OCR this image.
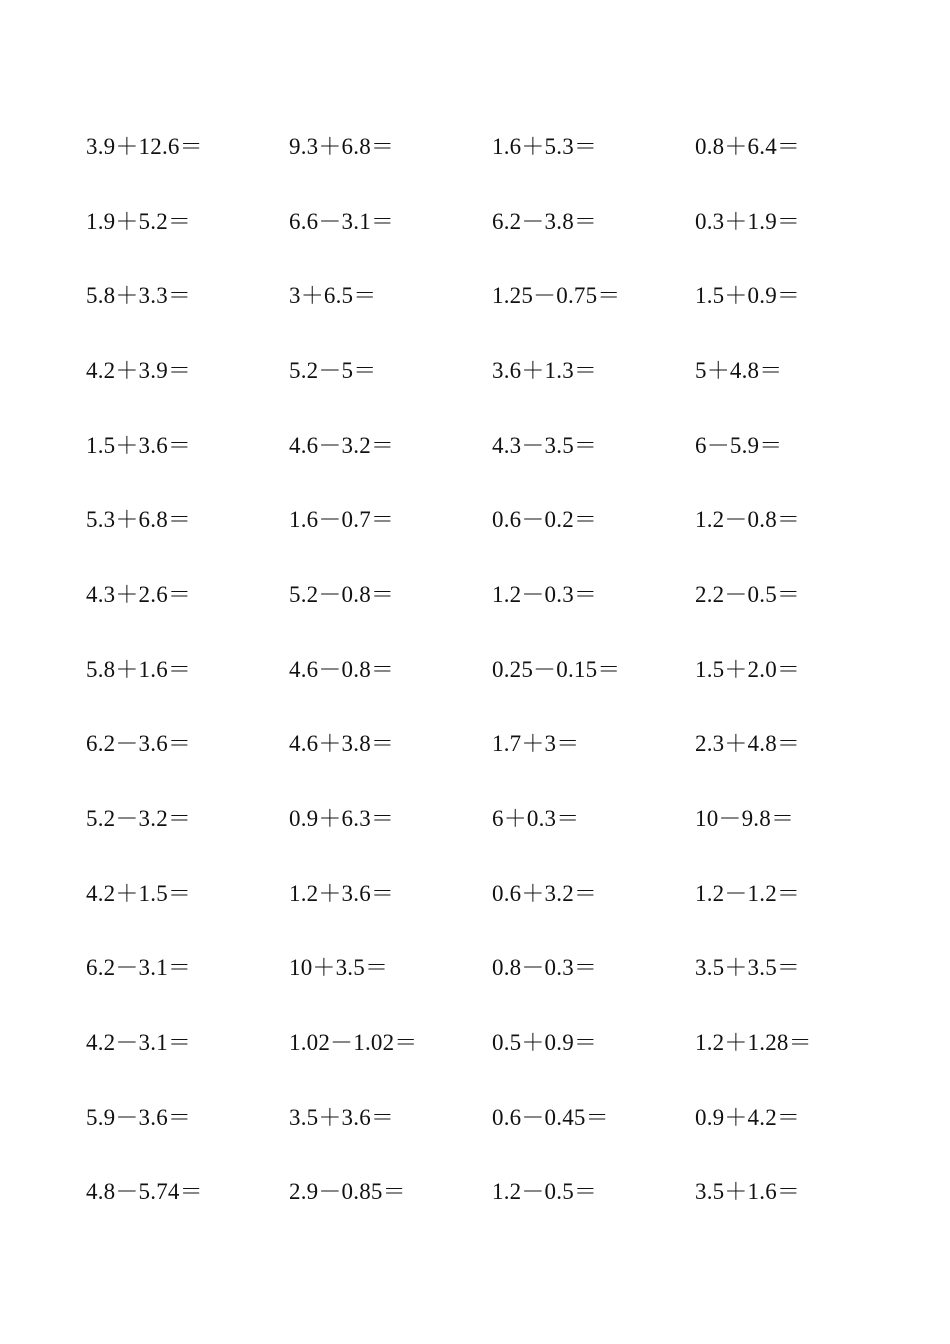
3.9＋12.6＝	9.3＋6.8＝	1.6＋5.3＝	0.8＋6.4＝
1.9＋5.2＝	6.6－3.1＝	6.2－3.8＝	0.3＋1.9＝
5.8＋3.3＝	3＋6.5＝	1.25－0.75＝	1.5＋0.9＝
4.2＋3.9＝	5.2－5＝	3.6＋1.3＝	5＋4.8＝
1.5＋3.6＝	4.6－3.2＝	4.3－3.5＝	6－5.9＝
5.3＋6.8＝	1.6－0.7＝	0.6－0.2＝	1.2－0.8＝
4.3＋2.6＝	5.2－0.8＝	1.2－0.3＝	2.2－0.5＝
5.8＋1.6＝	4.6－0.8＝	0.25－0.15＝	1.5＋2.0＝
6.2－3.6＝	4.6＋3.8＝	1.7＋3＝	2.3＋4.8＝
5.2－3.2＝	0.9＋6.3＝	6＋0.3＝	10－9.8＝
4.2＋1.5＝	1.2＋3.6＝	0.6＋3.2＝	1.2－1.2＝
6.2－3.1＝	10＋3.5＝	0.8－0.3＝	3.5＋3.5＝
4.2－3.1＝	1.02－1.02＝	0.5＋0.9＝	1.2＋1.28＝
5.9－3.6＝	3.5＋3.6＝	0.6－0.45＝	0.9＋4.2＝
4.8－5.74＝	2.9－0.85＝	1.2－0.5＝	3.5＋1.6＝
